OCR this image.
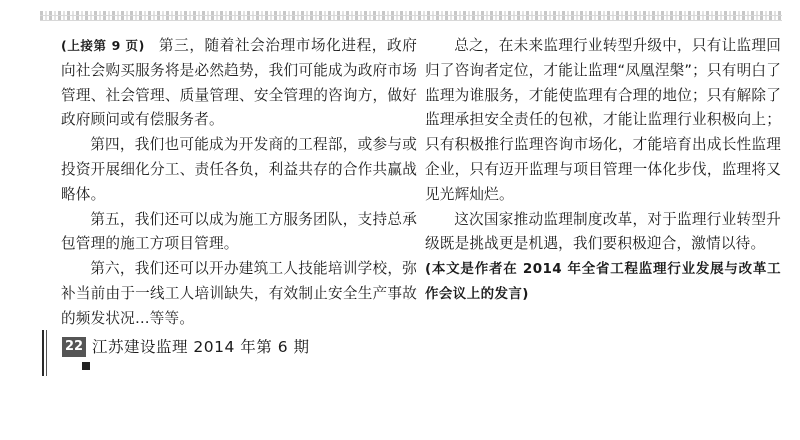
(上接第 9 页) 第三，随着社会治理市场化进程，政府向社会购买服务将是必然趋势，我们可能成为政府市场管理、社会管理、质量管理、安全管理的咨询方，做好政府顾问或有偿服务者。

第四，我们也可能成为开发商的工程部，或参与或投资开展细化分工、责任各负，利益共存的合作共赢战略体。

第五，我们还可以成为施工方服务团队，支持总承包管理的施工方项目管理。

第六，我们还可以开办建筑工人技能培训学校，弥补当前由于一线工人培训缺失，有效制止安全生产事故的频发状况…等等。

总之，在未来监理行业转型升级中，只有让监理回归了咨询者定位，才能让监理“凤凰涅槃”；只有明白了监理为谁服务，才能使监理有合理的地位；只有解除了监理承担安全责任的包袱，才能让监理行业积极向上；只有积极推行监理咨询市场化，才能培育出成长性监理企业，只有迈开监理与项目管理一体化步伐，监理将又见光辉灿烂。

这次国家推动监理制度改革，对于监理行业转型升级既是挑战更是机遇，我们要积极迎合，激情以待。

(本文是作者在 2014 年全省工程监理行业发展与改革工作会议上的发言)

22 江苏建设监理 2014 年第 6 期
